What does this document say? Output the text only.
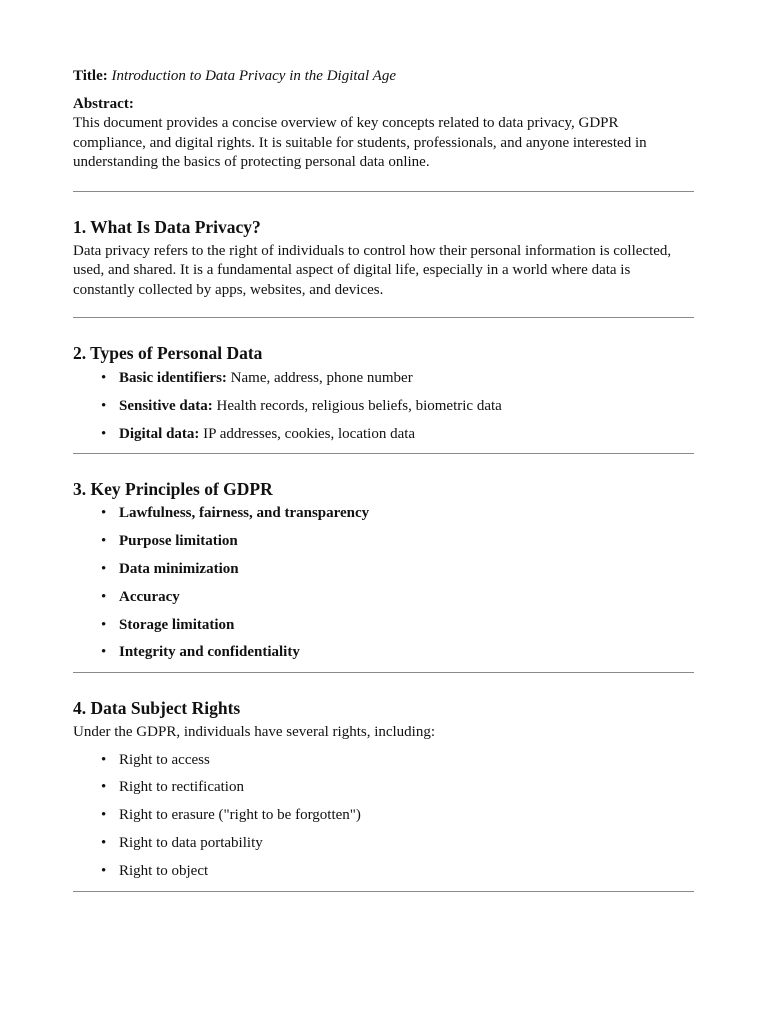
Title: Introduction to Data Privacy in the Digital Age

Abstract:

This document provides a concise overview of key concepts related to data privacy, GDPR compliance, and digital rights. It is suitable for students, professionals, and anyone interested in understanding the basics of protecting personal data online.

1. What Is Data Privacy?

Data privacy refers to the right of individuals to control how their personal information is collected, used, and shared. It is a fundamental aspect of digital life, especially in a world where data is constantly collected by apps, websites, and devices.

2. Types of Personal Data
• Basic identifiers: Name, address, phone number
• Sensitive data: Health records, religious beliefs, biometric data
• Digital data: IP addresses, cookies, location data
3. Key Principles of GDPR
• Lawfulness, fairness, and transparency
• Purpose limitation
• Data minimization
• Accuracy
• Storage limitation
• Integrity and confidentiality
4. Data Subject Rights

Under the GDPR, individuals have several rights, including:

• Right to access
• Right to rectification
• Right to erasure ("right to be forgotten")
• Right to data portability
• Right to object
